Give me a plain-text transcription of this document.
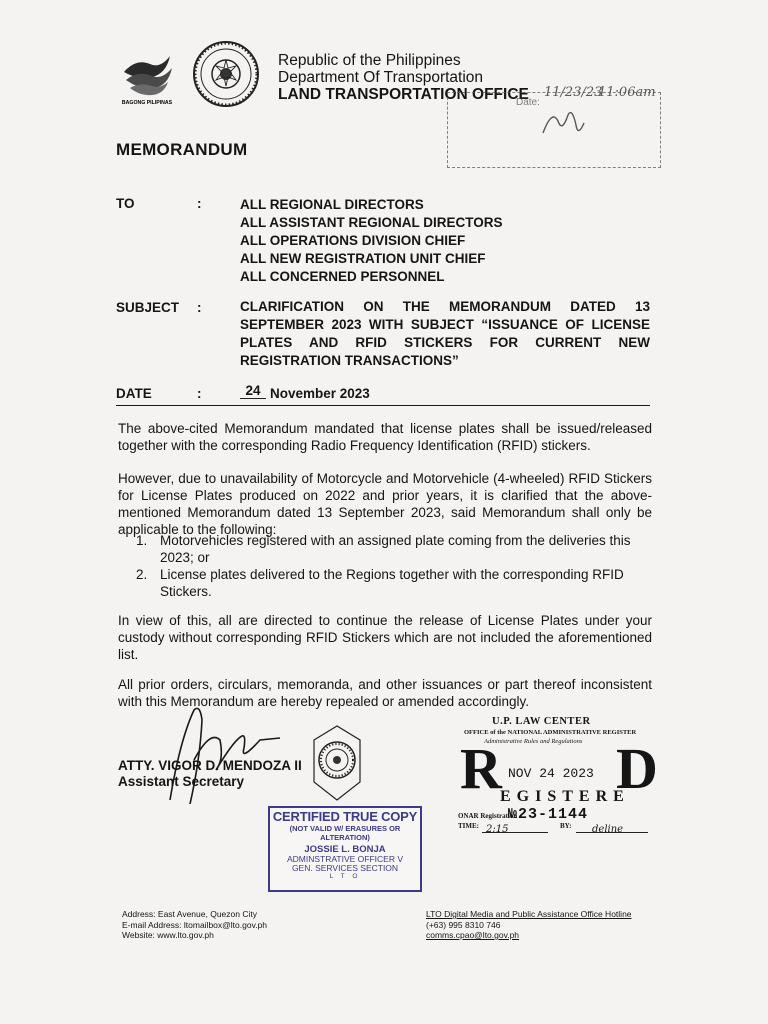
BAGONG PILIPINAS
Republic of the Philippines
Department Of Transportation
LAND TRANSPORTATION OFFICE
Date:
11/23/23
11:06am
MEMORANDUM
TO	:	ALL REGIONAL DIRECTORS
ALL ASSISTANT REGIONAL DIRECTORS
ALL OPERATIONS DIVISION CHIEF
ALL NEW REGISTRATION UNIT CHIEF
ALL CONCERNED PERSONNEL
SUBJECT :	CLARIFICATION ON THE MEMORANDUM DATED 13 SEPTEMBER 2023 WITH SUBJECT “ISSUANCE OF LICENSE PLATES AND RFID STICKERS FOR CURRENT NEW REGISTRATION TRANSACTIONS”
DATE	:	24 November 2023
The above-cited Memorandum mandated that license plates shall be issued/released together with the corresponding Radio Frequency Identification (RFID) stickers.
However, due to unavailability of Motorcycle and Motorvehicle (4-wheeled) RFID Stickers for License Plates produced on 2022 and prior years, it is clarified that the above-mentioned Memorandum dated 13 September 2023, said Memorandum shall only be applicable to the following:
1. Motorvehicles registered with an assigned plate coming from the deliveries this 2023; or
2. License plates delivered to the Regions together with the corresponding RFID Stickers.
In view of this, all are directed to continue the release of License Plates under your custody without corresponding RFID Stickers which are not included the aforementioned list.
All prior orders, circulars, memoranda, and other issuances or part thereof inconsistent with this Memorandum are hereby repealed or amended accordingly.
ATTY. VIGOR D. MENDOZA II
Assistant Secretary
CERTIFIED TRUE COPY
(NOT VALID W/ ERASURES OR ALTERATION)
JOSSIE L. BONJA
ADMINSTRATIVE OFFICER V
GEN. SERVICES SECTION
L T O
U.P. LAW CENTER
OFFICE of the NATIONAL ADMINISTRATIVE REGISTER
Administrative Rules and Regulations
R D
NOV 24 2023
EGISTERE
ONAR Registration
№23-1144
TIME: 2:15	BY: deline
Address: East Avenue, Quezon City
E-mail Address: ltomailbox@lto.gov.ph
Website: www.lto.gov.ph
LTO Digital Media and Public Assistance Office Hotline
(+63) 995 8310 746
comms.cpao@lto.gov.ph
